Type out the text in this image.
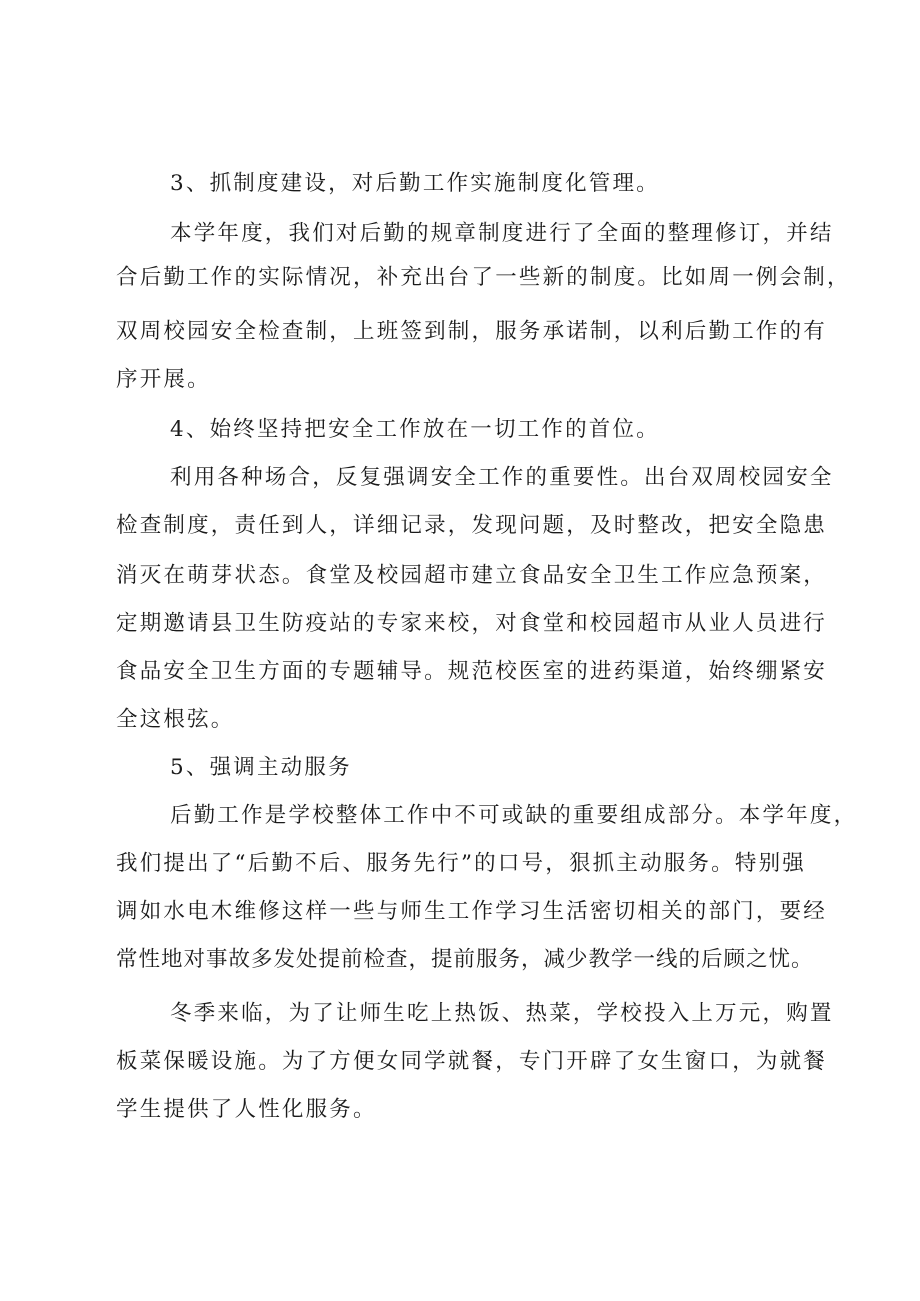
3、抓制度建设，对后勤工作实施制度化管理。
本学年度，我们对后勤的规章制度进行了全面的整理修订，并结
合后勤工作的实际情况，补充出台了一些新的制度。比如周一例会制，
双周校园安全检查制，上班签到制，服务承诺制，以利后勤工作的有
序开展。
4、始终坚持把安全工作放在一切工作的首位。
利用各种场合，反复强调安全工作的重要性。出台双周校园安全
检查制度，责任到人，详细记录，发现问题，及时整改，把安全隐患
消灭在萌芽状态。食堂及校园超市建立食品安全卫生工作应急预案，
定期邀请县卫生防疫站的专家来校，对食堂和校园超市从业人员进行
食品安全卫生方面的专题辅导。规范校医室的进药渠道，始终绷紧安
全这根弦。
5、强调主动服务
后勤工作是学校整体工作中不可或缺的重要组成部分。本学年度，
我们提出了“后勤不后、服务先行”的口号，狠抓主动服务。特别强
调如水电木维修这样一些与师生工作学习生活密切相关的部门，要经
常性地对事故多发处提前检查，提前服务，减少教学一线的后顾之忧。
冬季来临，为了让师生吃上热饭、热菜，学校投入上万元，购置
板菜保暖设施。为了方便女同学就餐，专门开辟了女生窗口，为就餐
学生提供了人性化服务。
